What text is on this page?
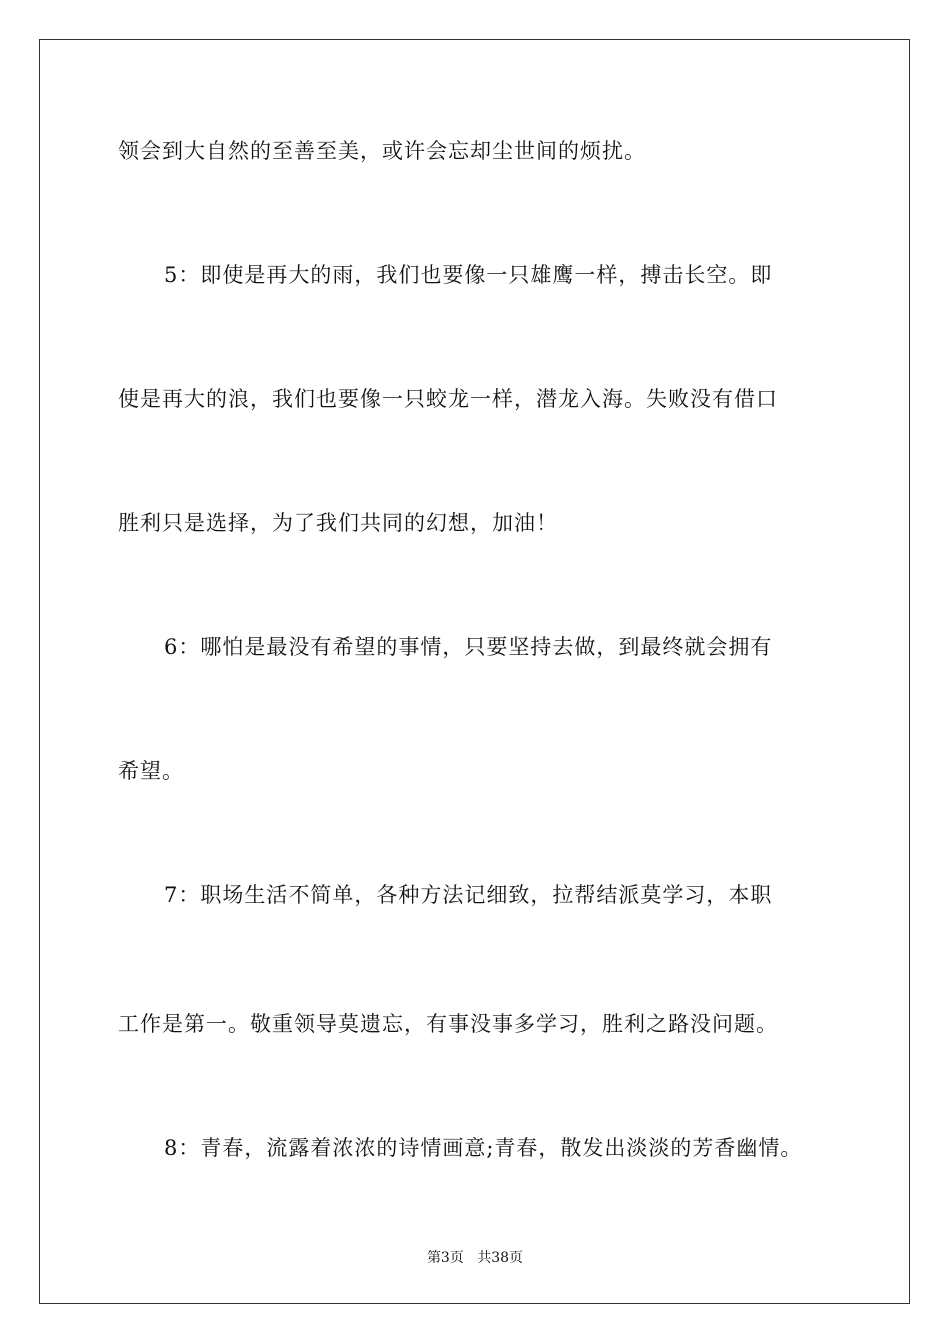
领会到大自然的至善至美，或许会忘却尘世间的烦扰。
5：即使是再大的雨，我们也要像一只雄鹰一样，搏击长空。即
使是再大的浪，我们也要像一只蛟龙一样，潜龙入海。失败没有借口
胜利只是选择，为了我们共同的幻想，加油！
6：哪怕是最没有希望的事情，只要坚持去做，到最终就会拥有
希望。
7：职场生活不简单，各种方法记细致，拉帮结派莫学习，本职
工作是第一。敬重领导莫遗忘，有事没事多学习，胜利之路没问题。
8：青春，流露着浓浓的诗情画意;青春，散发出淡淡的芳香幽情。
第3页 共38页
